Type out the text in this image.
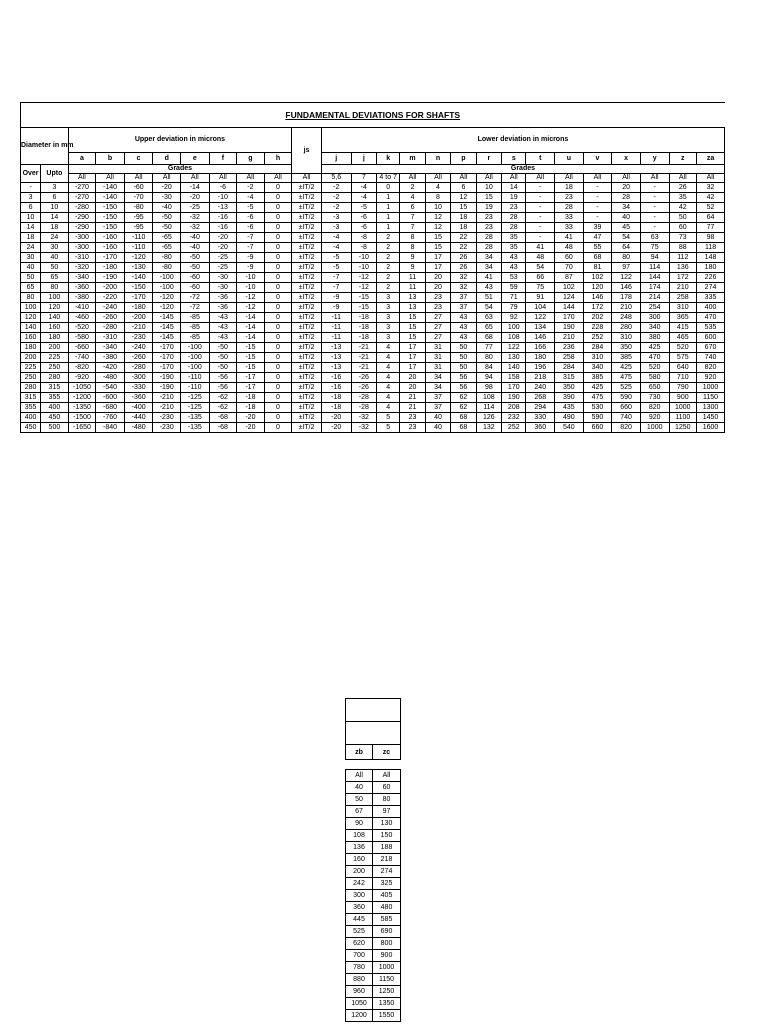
FUNDAMENTAL DEVIATIONS FOR SHAFTS																									
Diameter in mm		Upper deviation in microns								js	Lower deviation in microns														
		a	b	c	d	e	f	g	h		j	j	k	m	n	p	r	s	t	u	v	x	y	z	za
Over	Upto	Grades									Grades														
		All	All	All	All	All	All	All	All	All	5,6	7	4 to 7	All	All	All	All	All	All	All	All	All	All	All	All
-	3	-270	-140	-60	-20	-14	-6	-2	0	±IT/2	-2	-4	0	2	4	6	10	14	-	18	-	20	-	26	32
3	6	-270	-140	-70	-30	-20	-10	-4	0	±IT/2	-2	-4	1	4	8	12	15	19	-	23	-	28	-	35	42
6	10	-280	-150	-80	-40	-25	-13	-5	0	±IT/2	-2	-5	1	6	10	15	19	23	-	28	-	34	-	42	52
10	14	-290	-150	-95	-50	-32	-16	-6	0	±IT/2	-3	-6	1	7	12	18	23	28	-	33	-	40	-	50	64
14	18	-290	-150	-95	-50	-32	-16	-6	0	±IT/2	-3	-6	1	7	12	18	23	28	-	33	39	45	-	60	77
18	24	-300	-160	-110	-65	-40	-20	-7	0	±IT/2	-4	-8	2	8	15	22	28	35	-	41	47	54	63	73	98
24	30	-300	-160	-110	-65	-40	-20	-7	0	±IT/2	-4	-8	2	8	15	22	28	35	41	48	55	64	75	88	118
30	40	-310	-170	-120	-80	-50	-25	-9	0	±IT/2	-5	-10	2	9	17	26	34	43	48	60	68	80	94	112	148
40	50	-320	-180	-130	-80	-50	-25	-9	0	±IT/2	-5	-10	2	9	17	26	34	43	54	70	81	97	114	136	180
50	65	-340	-190	-140	-100	-60	-30	-10	0	±IT/2	-7	-12	2	11	20	32	41	53	66	87	102	122	144	172	226
65	80	-360	-200	-150	-100	-60	-30	-10	0	±IT/2	-7	-12	2	11	20	32	43	59	75	102	120	146	174	210	274
80	100	-380	-220	-170	-120	-72	-36	-12	0	±IT/2	-9	-15	3	13	23	37	51	71	91	124	146	178	214	258	335
100	120	-410	-240	-180	-120	-72	-36	-12	0	±IT/2	-9	-15	3	13	23	37	54	79	104	144	172	210	254	310	400
120	140	-460	-260	-200	-145	-85	-43	-14	0	±IT/2	-11	-18	3	15	27	43	63	92	122	170	202	248	300	365	470
140	160	-520	-280	-210	-145	-85	-43	-14	0	±IT/2	-11	-18	3	15	27	43	65	100	134	190	228	280	340	415	535
160	180	-580	-310	-230	-145	-85	-43	-14	0	±IT/2	-11	-18	3	15	27	43	68	108	146	210	252	310	380	465	600
180	200	-660	-340	-240	-170	-100	-50	-15	0	±IT/2	-13	-21	4	17	31	50	77	122	166	236	284	350	425	520	670
200	225	-740	-380	-260	-170	-100	-50	-15	0	±IT/2	-13	-21	4	17	31	50	80	130	180	258	310	385	470	575	740
225	250	-820	-420	-280	-170	-100	-50	-15	0	±IT/2	-13	-21	4	17	31	50	84	140	196	284	340	425	520	640	820
250	280	-920	-480	-300	-190	-110	-56	-17	0	±IT/2	-16	-26	4	20	34	56	94	158	218	315	385	475	580	710	920
280	315	-1050	-540	-330	-190	-110	-56	-17	0	±IT/2	-16	-26	4	20	34	56	98	170	240	350	425	525	650	790	1000
315	355	-1200	-600	-360	-210	-125	-62	-18	0	±IT/2	-18	-28	4	21	37	62	108	190	268	390	475	590	730	900	1150
355	400	-1350	-680	-400	-210	-125	-62	-18	0	±IT/2	-18	-28	4	21	37	62	114	208	294	435	530	660	820	1000	1300
400	450	-1500	-760	-440	-230	-135	-68	-20	0	±IT/2	-20	-32	5	23	40	68	126	232	330	490	590	740	920	1100	1450
450	500	-1650	-840	-480	-230	-135	-68	-20	0	±IT/2	-20	-32	5	23	40	68	132	252	360	540	660	820	1000	1250	1600

zb	zc

All	All
40	60
50	80
67	97
90	130
108	150
136	188
160	218
200	274
242	325
300	405
360	480
445	585
525	690
620	800
700	900
780	1000
880	1150
960	1250
1050	1350
1200	1550
